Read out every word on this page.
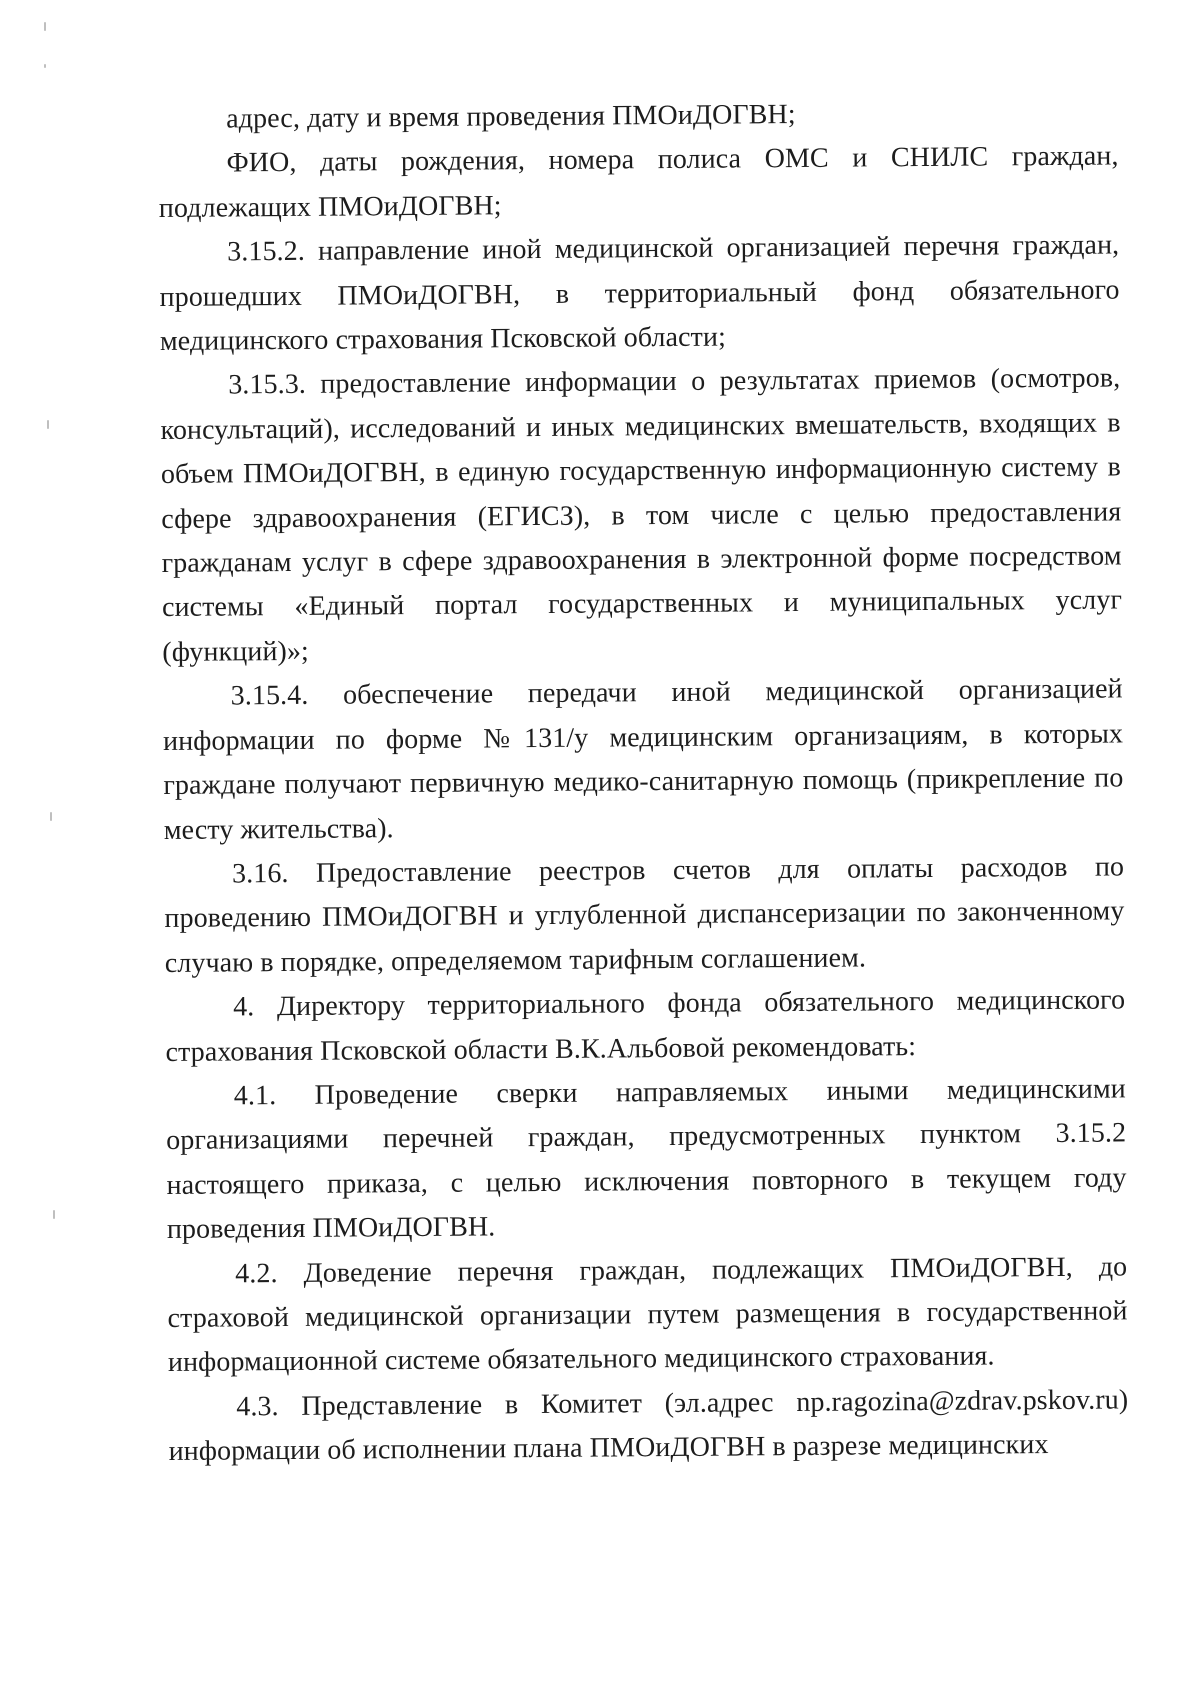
адрес, дату и время проведения ПМОиДОГВН;

ФИО, даты рождения, номера полиса ОМС и СНИЛС граждан, подлежащих ПМОиДОГВН;

3.15.2. направление иной медицинской организацией перечня граждан, прошедших ПМОиДОГВН, в территориальный фонд обязательного медицинского страхования Псковской области;

3.15.3. предоставление информации о результатах приемов (осмотров, консультаций), исследований и иных медицинских вмешательств, входящих в объем ПМОиДОГВН, в единую государственную информационную систему в сфере здравоохранения (ЕГИСЗ), в том числе с целью предоставления гражданам услуг в сфере здравоохранения в электронной форме посредством системы «Единый портал государственных и муниципальных услуг (функций)»;

3.15.4. обеспечение передачи иной медицинской организацией информации по форме №131/у медицинским организациям, в которых граждане получают первичную медико-санитарную помощь (прикрепление по месту жительства).

3.16. Предоставление реестров счетов для оплаты расходов по проведению ПМОиДОГВН и углубленной диспансеризации по законченному случаю в порядке, определяемом тарифным соглашением.

4. Директору территориального фонда обязательного медицинского страхования Псковской области В.К.Альбовой рекомендовать:

4.1. Проведение сверки направляемых иными медицинскими организациями перечней граждан, предусмотренных пунктом 3.15.2 настоящего приказа, с целью исключения повторного в текущем году проведения ПМОиДОГВН.

4.2. Доведение перечня граждан, подлежащих ПМОиДОГВН, до страховой медицинской организации путем размещения в государственной информационной системе обязательного медицинского страхования.

4.3. Представление в Комитет (эл.адрес np.ragozina@zdrav.pskov.ru) информации об исполнении плана ПМОиДОГВН в разрезе медицинских
